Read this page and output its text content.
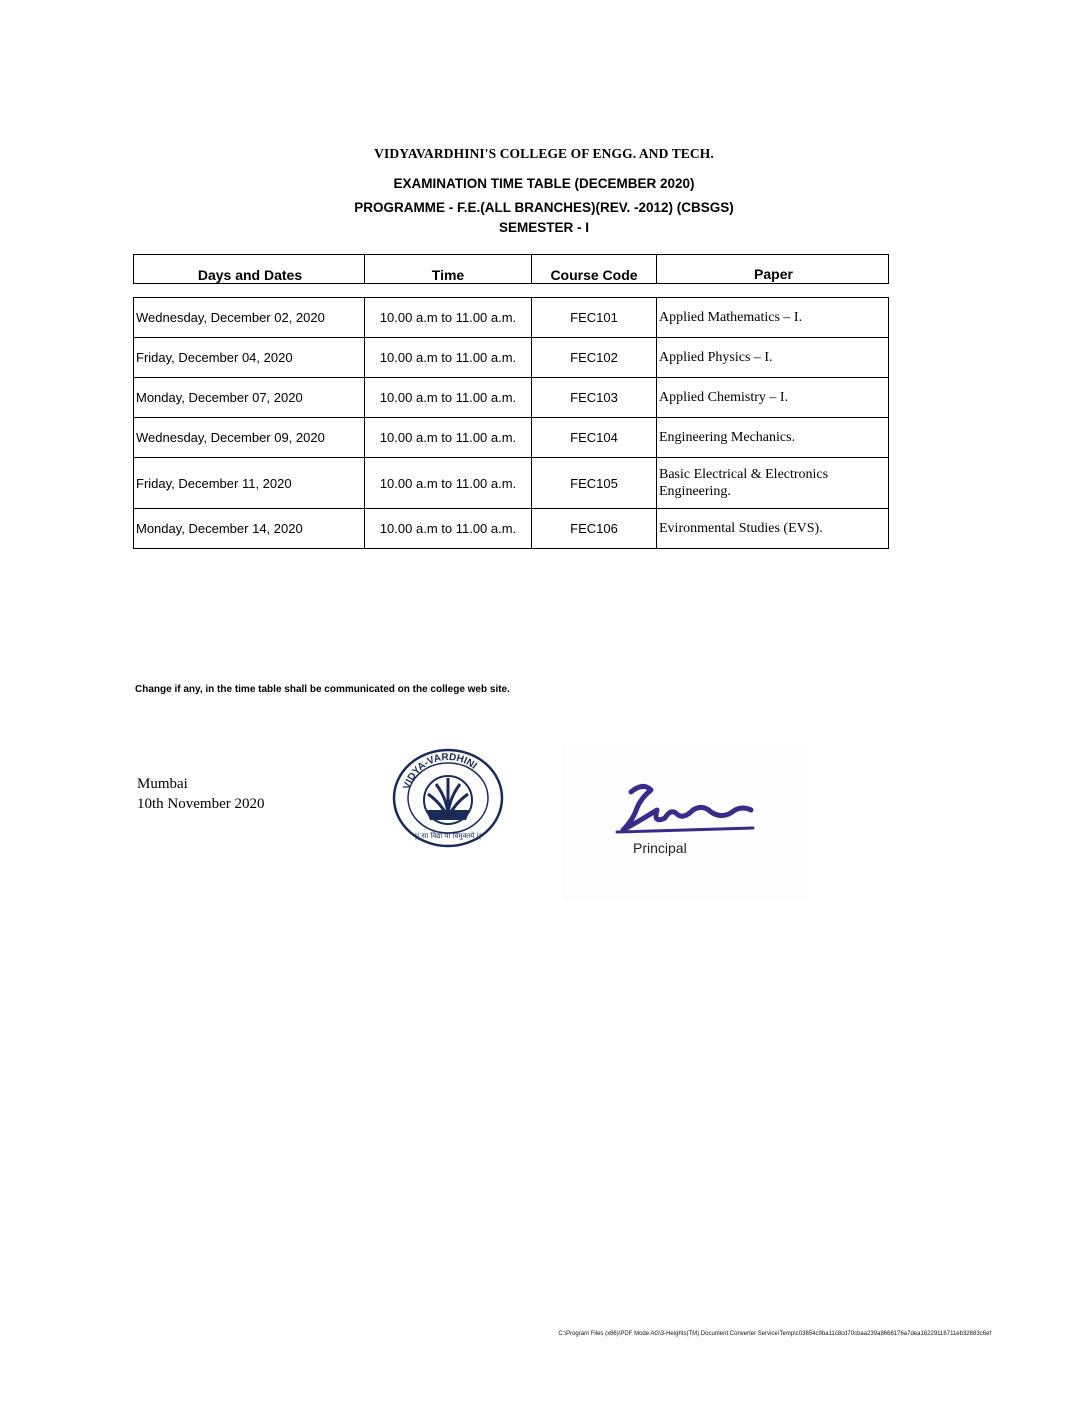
VIDYAVARDHINI'S COLLEGE OF ENGG. AND TECH.
EXAMINATION TIME TABLE (DECEMBER 2020)
PROGRAMME - F.E.(ALL BRANCHES)(REV. -2012) (CBSGS)
SEMESTER - I
Days and Dates	Time	Course Code	Paper
Wednesday, December 02, 2020	10.00 a.m to 11.00 a.m.	FEC101	Applied Mathematics – I.
Friday, December 04, 2020	10.00 a.m to 11.00 a.m.	FEC102	Applied Physics – I.
Monday, December 07, 2020	10.00 a.m to 11.00 a.m.	FEC103	Applied Chemistry – I.
Wednesday, December 09, 2020	10.00 a.m to 11.00 a.m.	FEC104	Engineering Mechanics.
Friday, December 11, 2020	10.00 a.m to 11.00 a.m.	FEC105	Basic Electrical & Electronics Engineering.
Monday, December 14, 2020	10.00 a.m to 11.00 a.m.	FEC106	Evironmental Studies (EVS).
Change if any, in the time table shall be communicated on the college web site.
Mumbai
10th November 2020
VIDYA-VARDHINI
|| सा विद्या या विमुक्तये ||
Principal
C:\Program Files (x86)\PDF Mode AG\3-Heights(TM) Document Converter Service\Temp\c03654c9ba11c8cd70cbaa239a8666176a7dea16229116711eb32683c6ef
